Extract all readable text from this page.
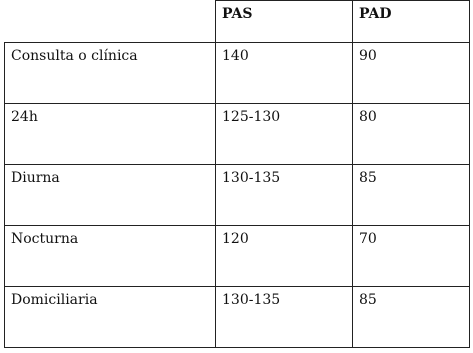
	PAS	PAD
Consulta o clínica	140	90
24h	125-130	80
Diurna	130-135	85
Nocturna	120	70
Domiciliaria	130-135	85
